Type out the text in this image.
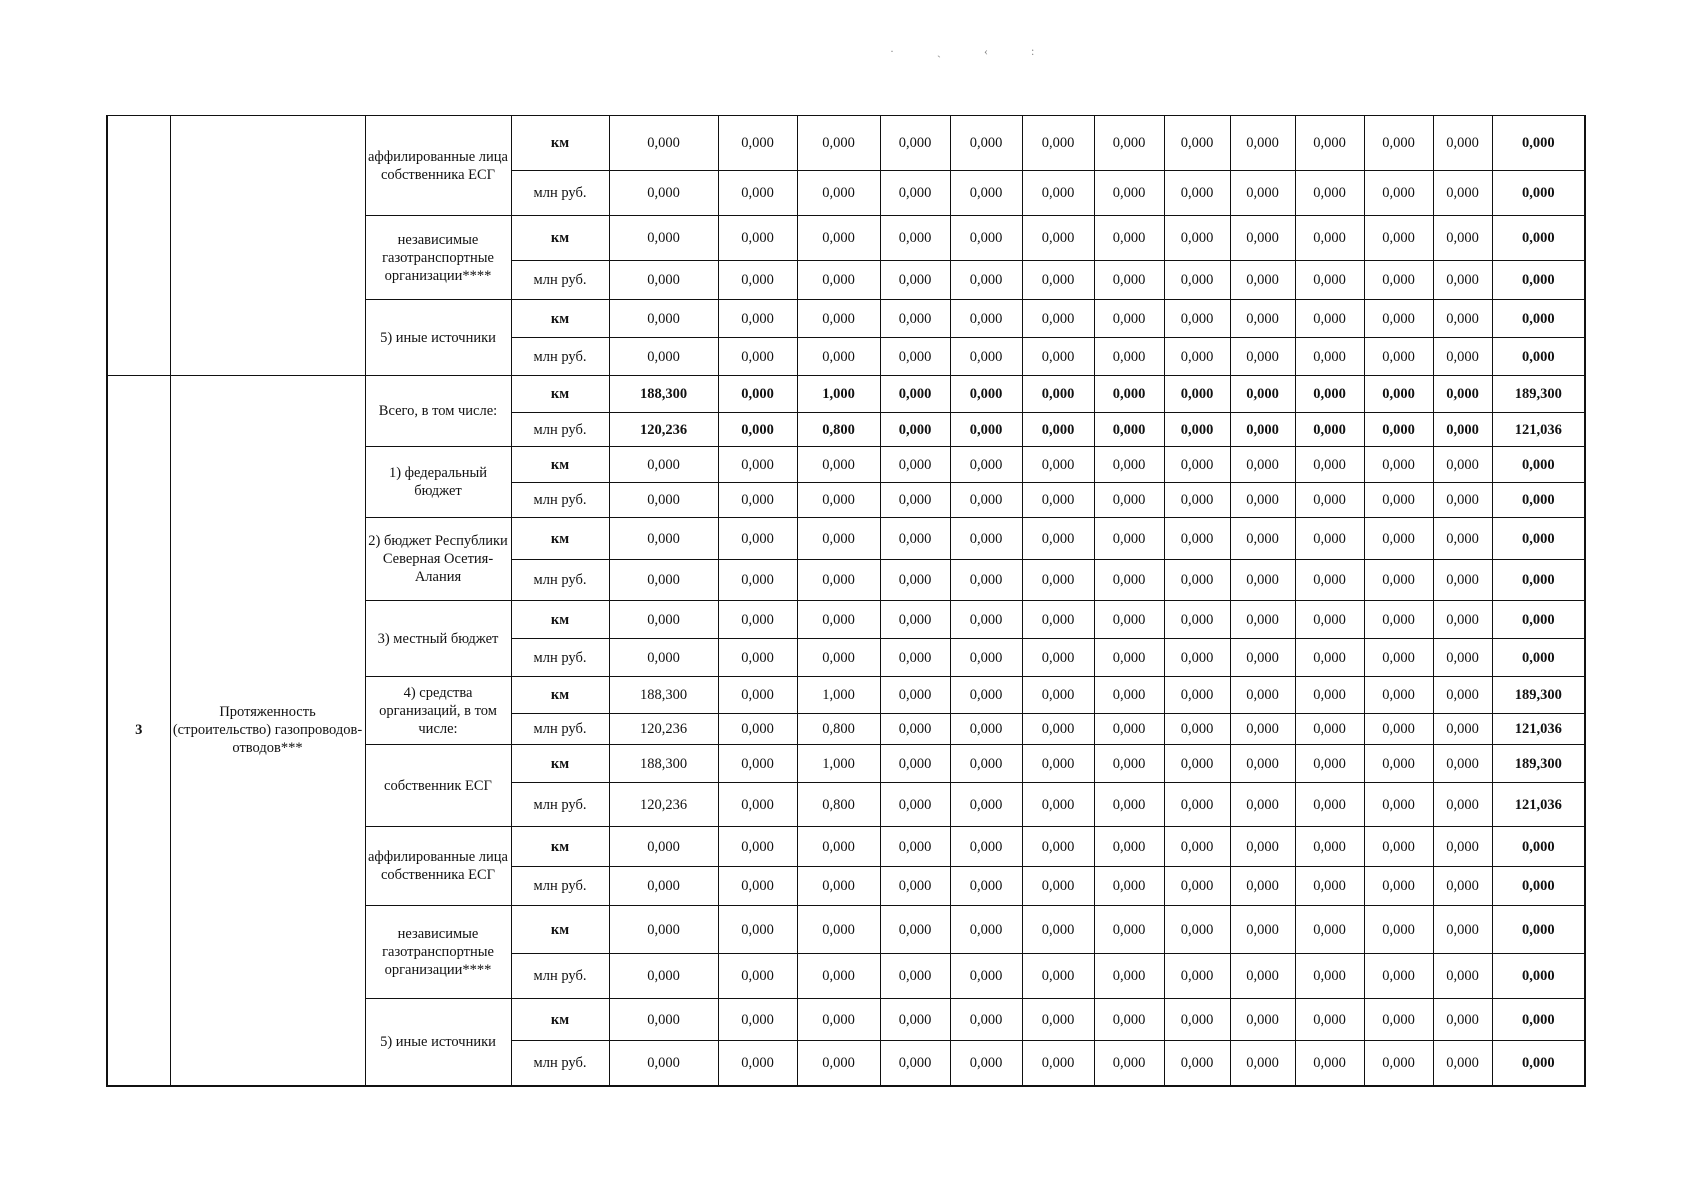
· ˎ ‹ :
		аффилированные лица собственника ЕСГ	км	0,000	0,000	0,000	0,000	0,000	0,000	0,000	0,000	0,000	0,000	0,000	0,000	0,000
			млн руб.	0,000	0,000	0,000	0,000	0,000	0,000	0,000	0,000	0,000	0,000	0,000	0,000	0,000
		независимые газотранспортные организации****	км	0,000	0,000	0,000	0,000	0,000	0,000	0,000	0,000	0,000	0,000	0,000	0,000	0,000
			млн руб.	0,000	0,000	0,000	0,000	0,000	0,000	0,000	0,000	0,000	0,000	0,000	0,000	0,000
		5) иные источники	км	0,000	0,000	0,000	0,000	0,000	0,000	0,000	0,000	0,000	0,000	0,000	0,000	0,000
			млн руб.	0,000	0,000	0,000	0,000	0,000	0,000	0,000	0,000	0,000	0,000	0,000	0,000	0,000
3	Протяженность (строительство) газопроводов-отводов***	Всего, в том числе:	км	188,300	0,000	1,000	0,000	0,000	0,000	0,000	0,000	0,000	0,000	0,000	0,000	189,300
			млн руб.	120,236	0,000	0,800	0,000	0,000	0,000	0,000	0,000	0,000	0,000	0,000	0,000	121,036
		1) федеральный бюджет	км	0,000	0,000	0,000	0,000	0,000	0,000	0,000	0,000	0,000	0,000	0,000	0,000	0,000
			млн руб.	0,000	0,000	0,000	0,000	0,000	0,000	0,000	0,000	0,000	0,000	0,000	0,000	0,000
		2) бюджет Республики Северная Осетия-Алания	км	0,000	0,000	0,000	0,000	0,000	0,000	0,000	0,000	0,000	0,000	0,000	0,000	0,000
			млн руб.	0,000	0,000	0,000	0,000	0,000	0,000	0,000	0,000	0,000	0,000	0,000	0,000	0,000
		3) местный бюджет	км	0,000	0,000	0,000	0,000	0,000	0,000	0,000	0,000	0,000	0,000	0,000	0,000	0,000
			млн руб.	0,000	0,000	0,000	0,000	0,000	0,000	0,000	0,000	0,000	0,000	0,000	0,000	0,000
		4) средства организаций, в том числе:	км	188,300	0,000	1,000	0,000	0,000	0,000	0,000	0,000	0,000	0,000	0,000	0,000	189,300
			млн руб.	120,236	0,000	0,800	0,000	0,000	0,000	0,000	0,000	0,000	0,000	0,000	0,000	121,036
		собственник ЕСГ	км	188,300	0,000	1,000	0,000	0,000	0,000	0,000	0,000	0,000	0,000	0,000	0,000	189,300
			млн руб.	120,236	0,000	0,800	0,000	0,000	0,000	0,000	0,000	0,000	0,000	0,000	0,000	121,036
		аффилированные лица собственника ЕСГ	км	0,000	0,000	0,000	0,000	0,000	0,000	0,000	0,000	0,000	0,000	0,000	0,000	0,000
			млн руб.	0,000	0,000	0,000	0,000	0,000	0,000	0,000	0,000	0,000	0,000	0,000	0,000	0,000
		независимые газотранспортные организации****	км	0,000	0,000	0,000	0,000	0,000	0,000	0,000	0,000	0,000	0,000	0,000	0,000	0,000
			млн руб.	0,000	0,000	0,000	0,000	0,000	0,000	0,000	0,000	0,000	0,000	0,000	0,000	0,000
		5) иные источники	км	0,000	0,000	0,000	0,000	0,000	0,000	0,000	0,000	0,000	0,000	0,000	0,000	0,000
			млн руб.	0,000	0,000	0,000	0,000	0,000	0,000	0,000	0,000	0,000	0,000	0,000	0,000	0,000
